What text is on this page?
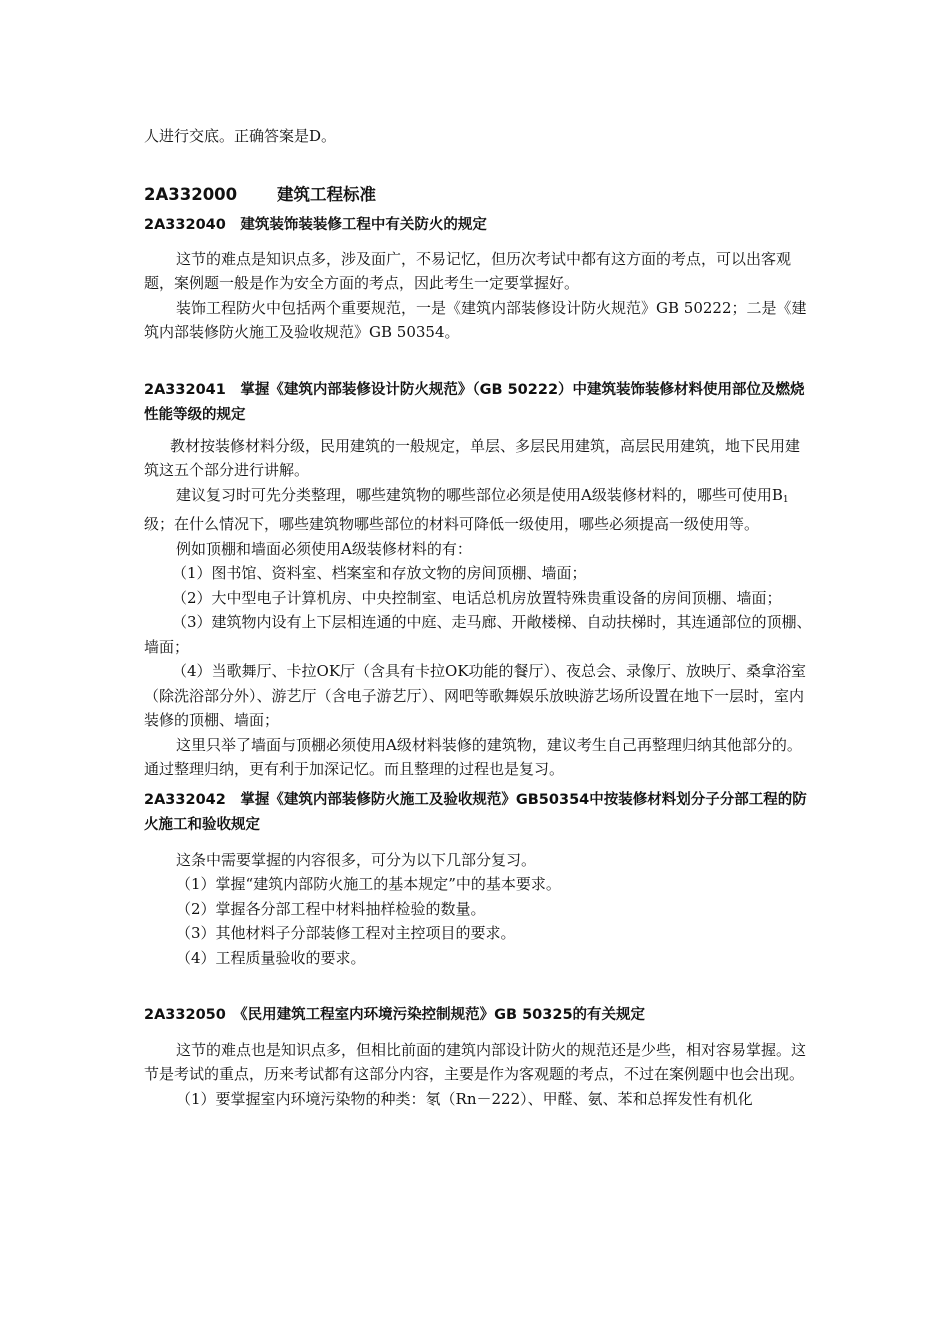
人进行交底。正确答案是D。

2A332000 建筑工程标准

2A332040　建筑装饰装装修工程中有关防火的规定

这节的难点是知识点多，涉及面广，不易记忆，但历次考试中都有这方面的考点，可以出客观题，案例题一般是作为安全方面的考点，因此考生一定要掌握好。

装饰工程防火中包括两个重要规范，一是《建筑内部装修设计防火规范》GB 50222；二是《建筑内部装修防火施工及验收规范》GB 50354。

2A332041　掌握《建筑内部装修设计防火规范》（GB 50222）中建筑装饰装修材料使用部位及燃烧性能等级的规定

教材按装修材料分级，民用建筑的一般规定，单层、多层民用建筑，高层民用建筑，地下民用建筑这五个部分进行讲解。

建议复习时可先分类整理，哪些建筑物的哪些部位必须是使用A级装修材料的，哪些可使用$B_1$级；在什么情况下，哪些建筑物哪些部位的材料可降低一级使用，哪些必须提高一级使用等。

例如顶棚和墙面必须使用A级装修材料的有：

（1）图书馆、资料室、档案室和存放文物的房间顶棚、墙面；

（2）大中型电子计算机房、中央控制室、电话总机房放置特殊贵重设备的房间顶棚、墙面；

（3）建筑物内设有上下层相连通的中庭、走马廊、开敞楼梯、自动扶梯时，其连通部位的顶棚、墙面；

（4）当歌舞厅、卡拉OK厅（含具有卡拉OK功能的餐厅）、夜总会、录像厅、放映厅、桑拿浴室（除洗浴部分外）、游艺厅（含电子游艺厅）、网吧等歌舞娱乐放映游艺场所设置在地下一层时，室内装修的顶棚、墙面；

这里只举了墙面与顶棚必须使用A级材料装修的建筑物，建议考生自己再整理归纳其他部分的。通过整理归纳，更有利于加深记忆。而且整理的过程也是复习。

2A332042　掌握《建筑内部装修防火施工及验收规范》GB50354中按装修材料划分子分部工程的防火施工和验收规定

这条中需要掌握的内容很多，可分为以下几部分复习。

（1）掌握“建筑内部防火施工的基本规定”中的基本要求。

（2）掌握各分部工程中材料抽样检验的数量。

（3）其他材料子分部装修工程对主控项目的要求。

（4）工程质量验收的要求。

2A332050　《民用建筑工程室内环境污染控制规范》GB 50325的有关规定

这节的难点也是知识点多，但相比前面的建筑内部设计防火的规范还是少些，相对容易掌握。这节是考试的重点，历来考试都有这部分内容，主要是作为客观题的考点，不过在案例题中也会出现。

（1）要掌握室内环境污染物的种类：氡（Rn－222）、甲醛、氨、苯和总挥发性有机化
